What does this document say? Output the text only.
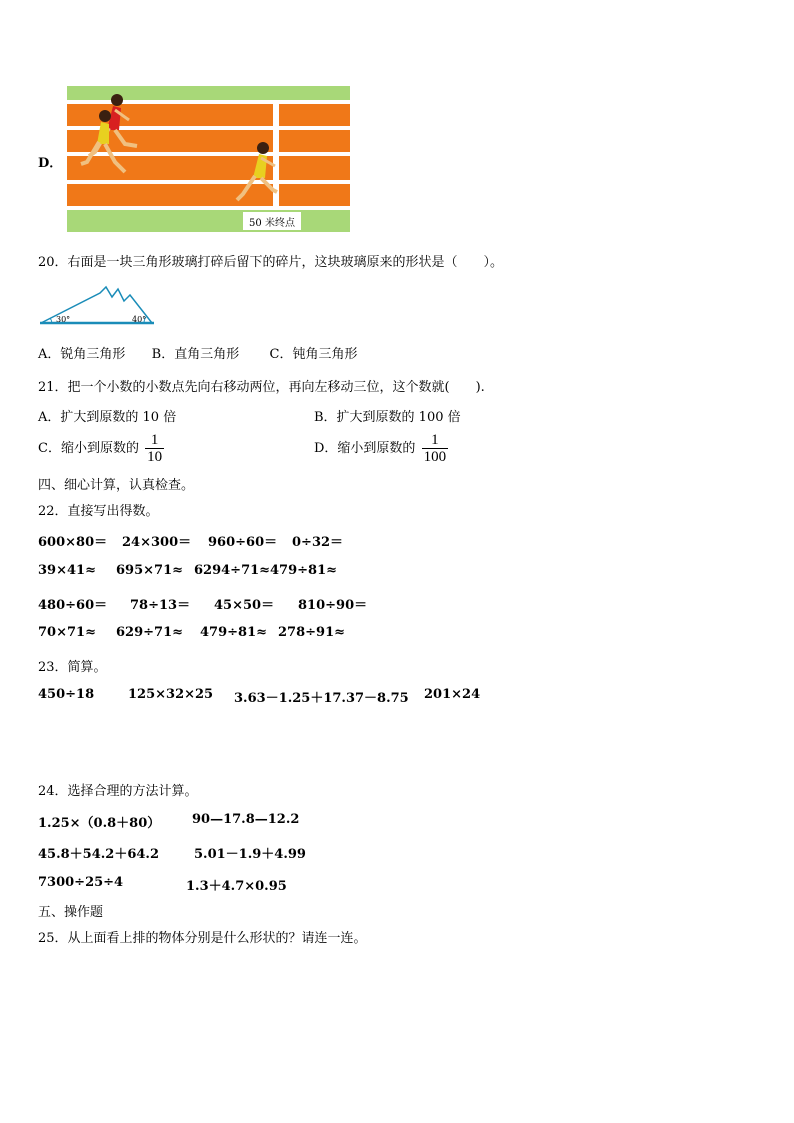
D．
50 米终点
20．右面是一块三角形玻璃打碎后留下的碎片，这块玻璃原来的形状是（　　）。
30°	40°
A．锐角三角形 B．直角三角形 C．钝角三角形
21．把一个小数的小数点先向右移动两位，再向左移动三位，这个数就(　　).
A．扩大到原数的 10 倍	B．扩大到原数的 100 倍
C．缩小到原数的 $\frac{1}{10}$	D．缩小到原数的 $\frac{1}{100}$
四、细心计算，认真检查。
22．直接写出得数。
600×80＝ 24×300＝ 960÷60＝ 0÷32＝
39×41≈ 695×71≈ 6294÷71≈ 479÷81≈
480÷60＝ 78÷13＝ 45×50＝ 810÷90＝
70×71≈ 629÷71≈ 479÷81≈ 278÷91≈
23．简算。
450÷18	125×32×25 3.63－1.25＋17.37－8.75 201×24
24．选择合理的方法计算。
1.25×（0.8＋80） 90—17.8—12.2
45.8＋54.2＋64.2	5.01－1.9＋4.99
7300÷25÷4	1.3＋4.7×0.95
五、操作题
25．从上面看上排的物体分别是什么形状的？请连一连。
